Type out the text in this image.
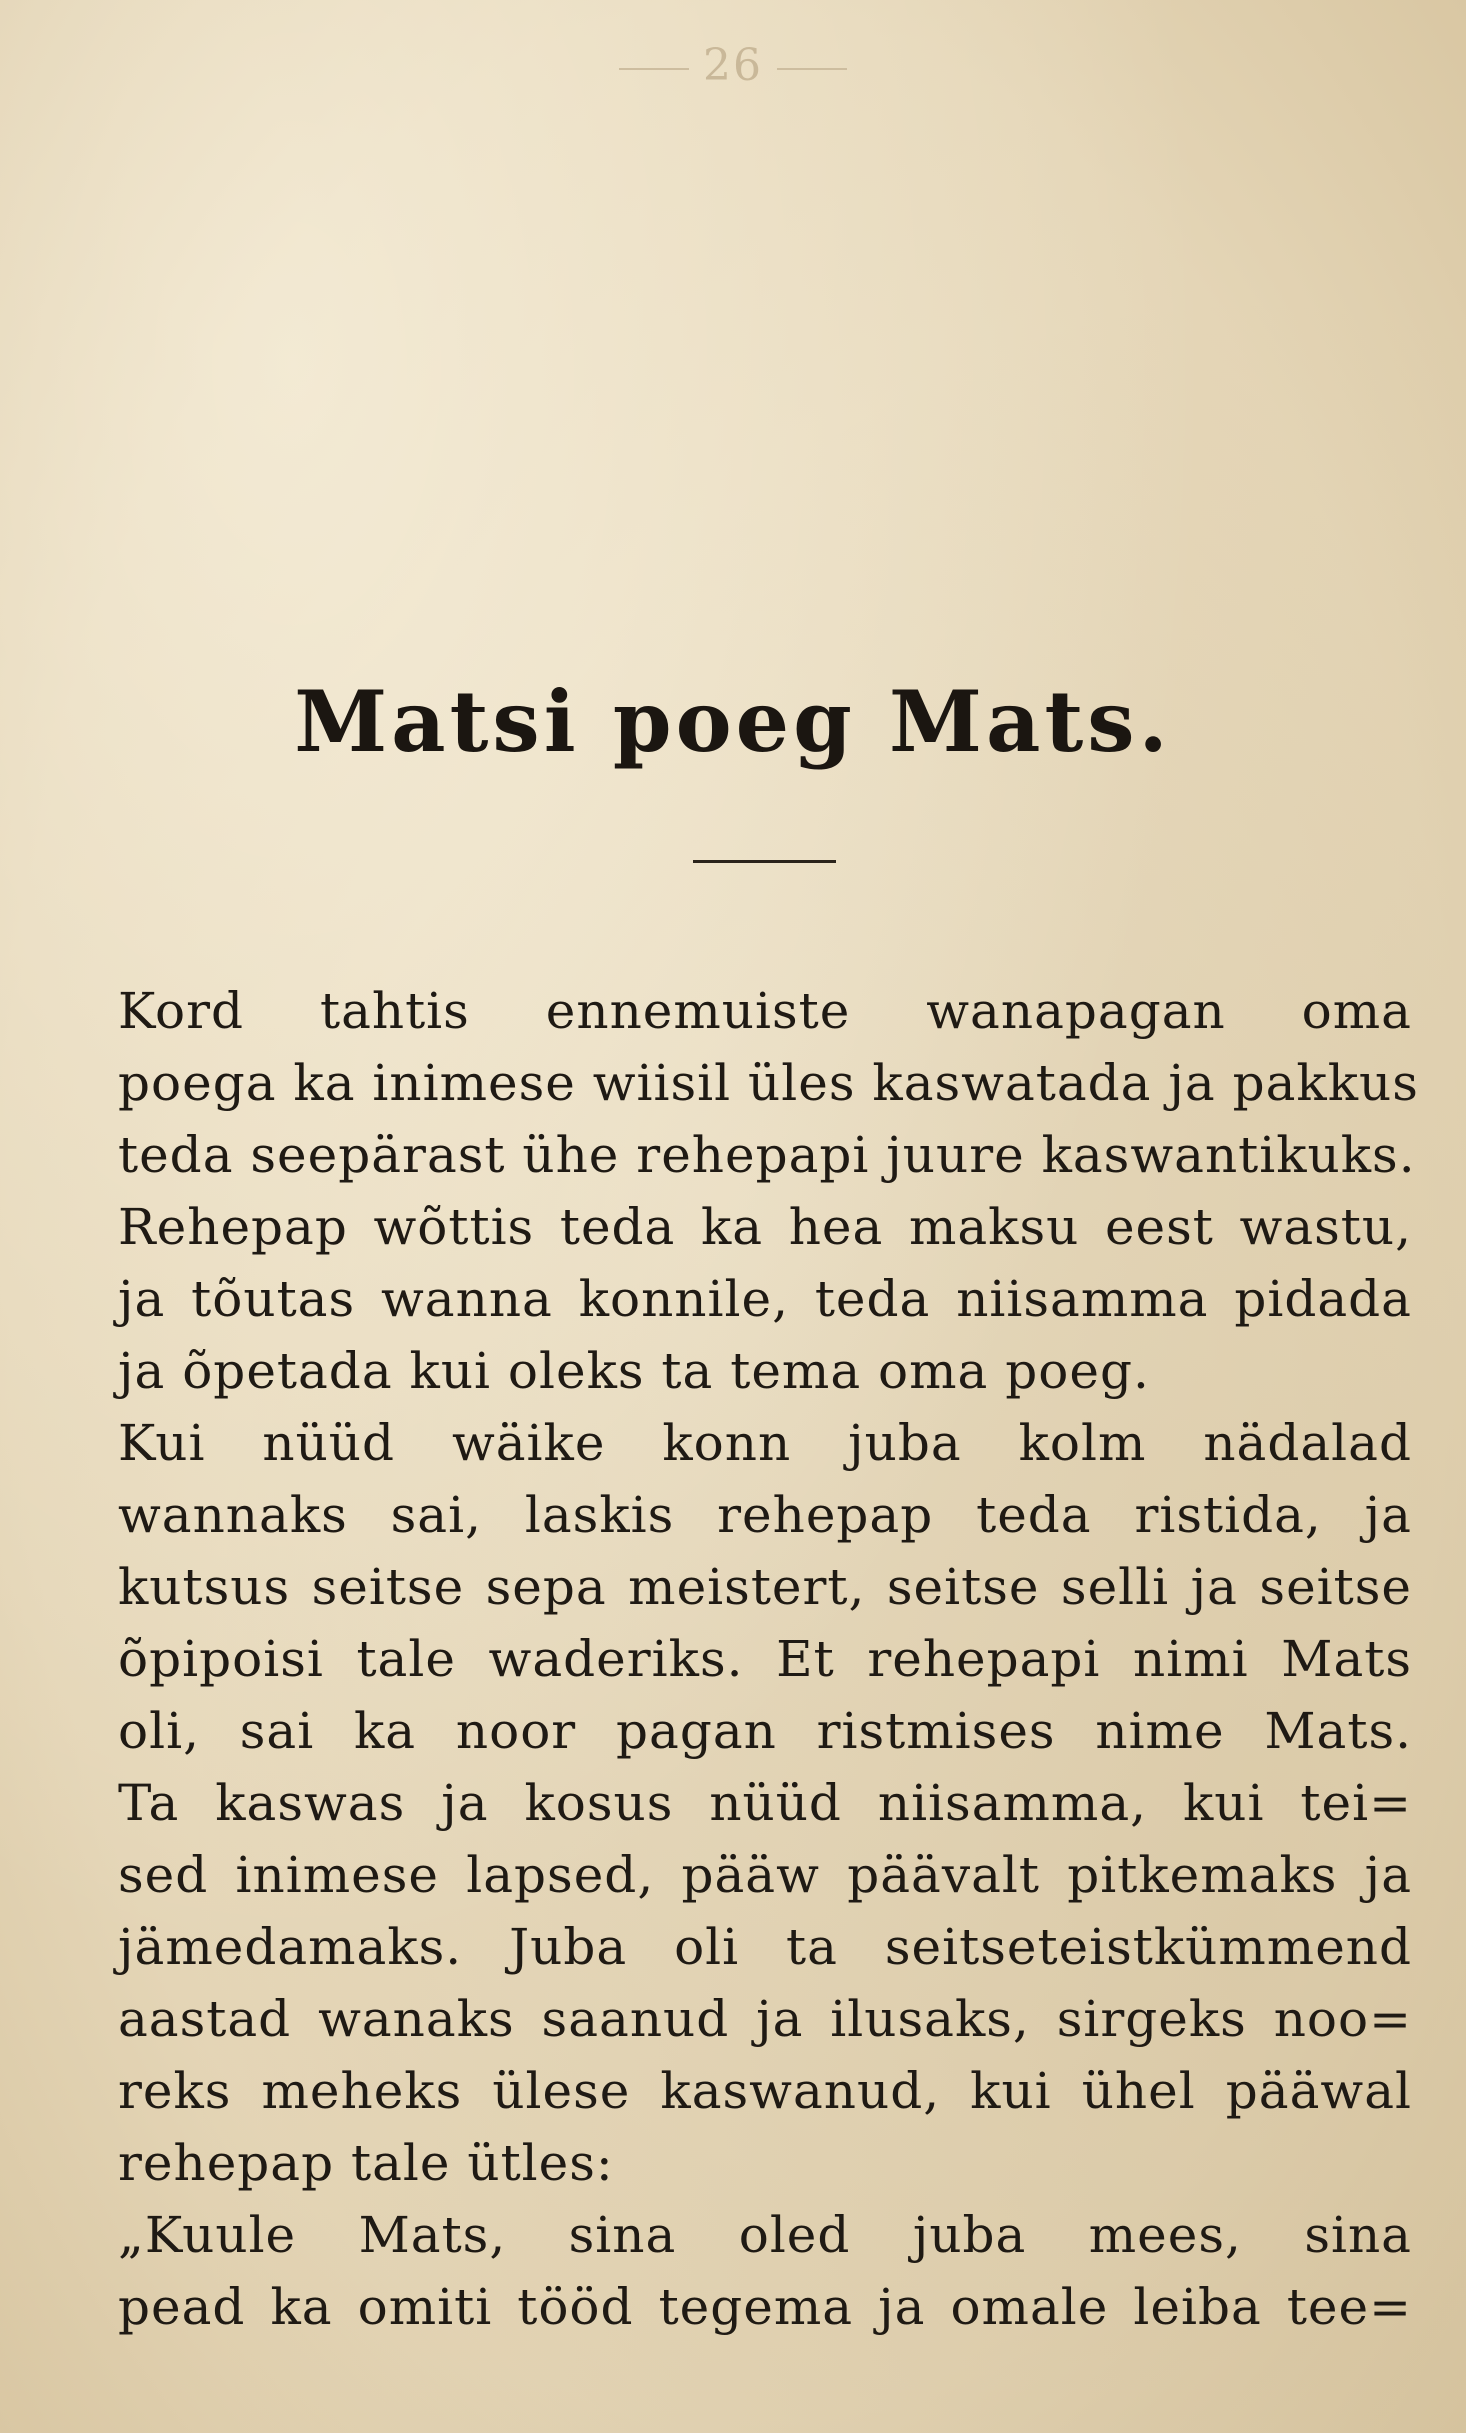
26

Matsi poeg Mats.
Kord tahtis ennemuiste wanapagan oma
poega ka inimese wiisil üles kaswatada ja pakkus
teda seepärast ühe rehepapi juure kaswantikuks.
Rehepap wõttis teda ka hea maksu eest wastu,
ja tõutas wanna konnile, teda niisamma pidada
ja õpetada kui oleks ta tema oma poeg.
Kui nüüd wäike konn juba kolm nädalad
wannaks sai, laskis rehepap teda ristida, ja
kutsus seitse sepa meistert, seitse selli ja seitse
õpipoisi tale waderiks. Et rehepapi nimi Mats
oli, sai ka noor pagan ristmises nime Mats.
Ta kaswas ja kosus nüüd niisamma, kui tei=
sed inimese lapsed, pääw päävalt pitkemaks ja
jämedamaks. Juba oli ta seitseteistkümmend
aastad wanaks saanud ja ilusaks, sirgeks noo=
reks meheks ülese kaswanud, kui ühel pääwal
rehepap tale ütles:
„Kuule Mats, sina oled juba mees, sina
pead ka omiti tööd tegema ja omale leiba tee=
